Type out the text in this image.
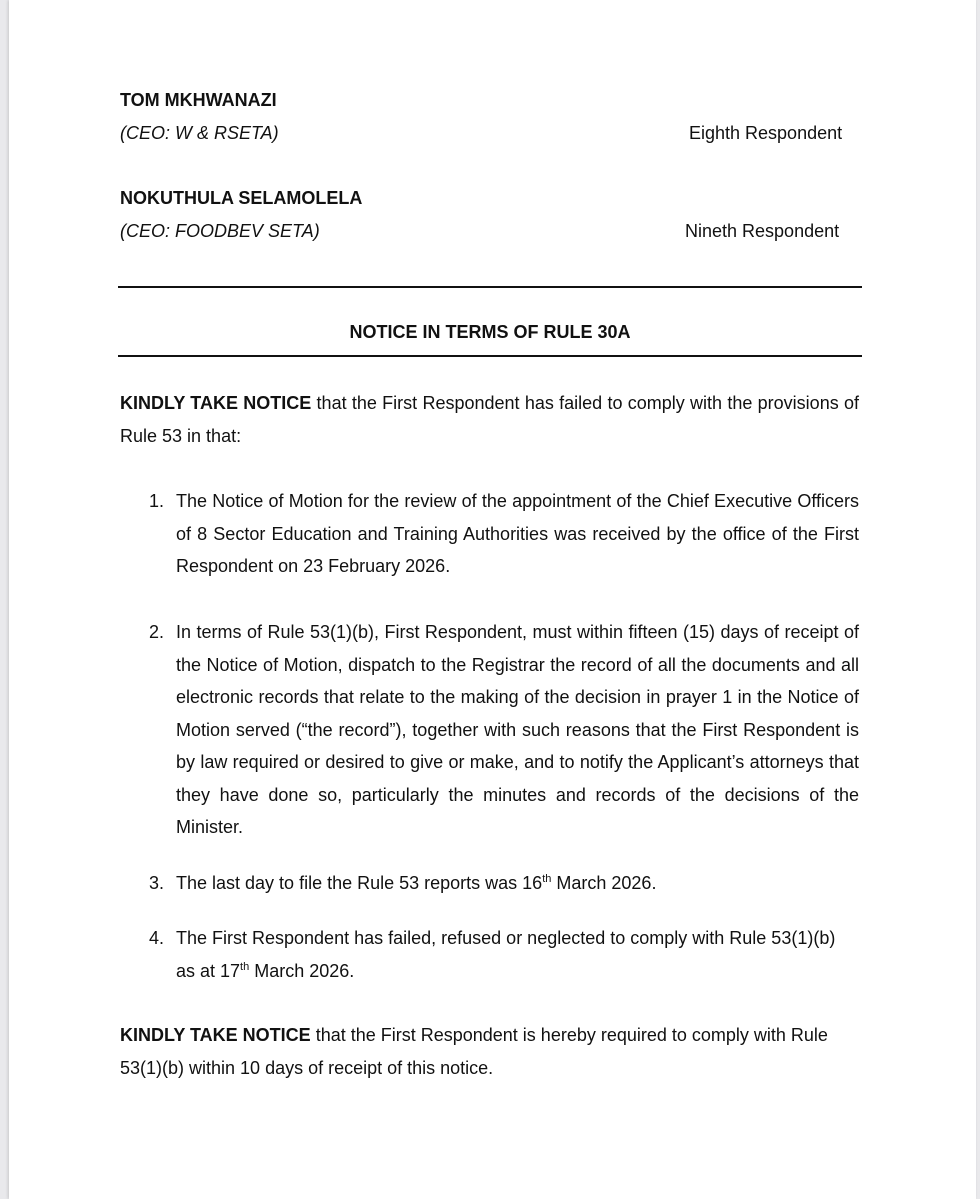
TOM MKHWANAZI
(CEO: W & RSETA)	Eighth Respondent
NOKUTHULA SELAMOLELA
(CEO: FOODBEV SETA)	Nineth Respondent
NOTICE IN TERMS OF RULE 30A
KINDLY TAKE NOTICE that the First Respondent has failed to comply with the provisions of Rule 53 in that:
1. The Notice of Motion for the review of the appointment of the Chief Executive Officers of 8 Sector Education and Training Authorities was received by the office of the First Respondent on 23 February 2026.
2. In terms of Rule 53(1)(b), First Respondent, must within fifteen (15) days of receipt of the Notice of Motion, dispatch to the Registrar the record of all the documents and all electronic records that relate to the making of the decision in prayer 1 in the Notice of Motion served (“the record”), together with such reasons that the First Respondent is by law required or desired to give or make, and to notify the Applicant’s attorneys that they have done so, particularly the minutes and records of the decisions of the Minister.
3. The last day to file the Rule 53 reports was 16th March 2026.
4. The First Respondent has failed, refused or neglected to comply with Rule 53(1)(b) as at 17th March 2026.
KINDLY TAKE NOTICE that the First Respondent is hereby required to comply with Rule 53(1)(b) within 10 days of receipt of this notice.
